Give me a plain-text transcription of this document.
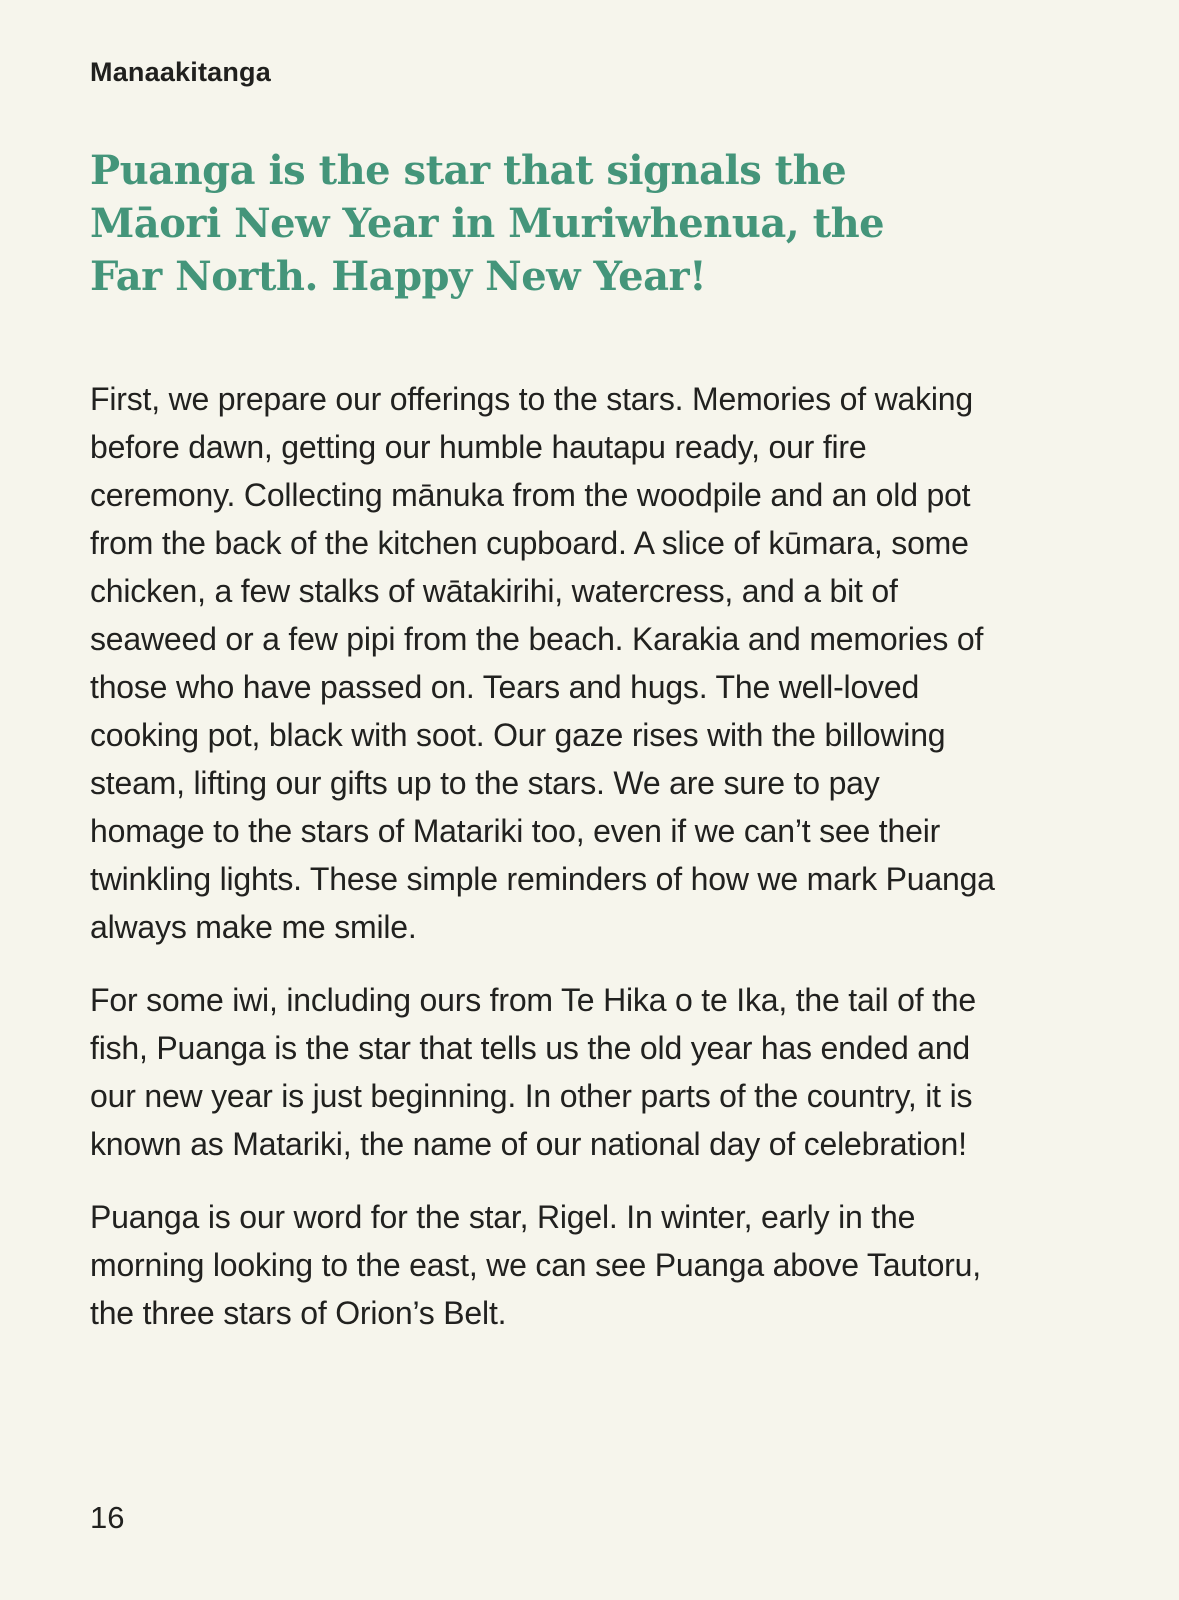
Manaakitanga
Puanga is the star that signals the
Māori New Year in Muriwhenua, the
Far North. Happy New Year!

First, we prepare our offerings to the stars. Memories of waking before dawn, getting our humble hautapu ready, our fire ceremony. Collecting mānuka from the woodpile and an old pot from the back of the kitchen cupboard. A slice of kūmara, some chicken, a few stalks of wātakirihi, watercress, and a bit of seaweed or a few pipi from the beach. Karakia and memories of those who have passed on. Tears and hugs. The well-loved cooking pot, black with soot. Our gaze rises with the billowing steam, lifting our gifts up to the stars. We are sure to pay homage to the stars of Matariki too, even if we can’t see their twinkling lights. These simple reminders of how we mark Puanga always make me smile.

For some iwi, including ours from Te Hika o te Ika, the tail of the fish, Puanga is the star that tells us the old year has ended and our new year is just beginning. In other parts of the country, it is known as Matariki, the name of our national day of celebration!

Puanga is our word for the star, Rigel. In winter, early in the morning looking to the east, we can see Puanga above Tautoru, the three stars of Orion’s Belt.

16
